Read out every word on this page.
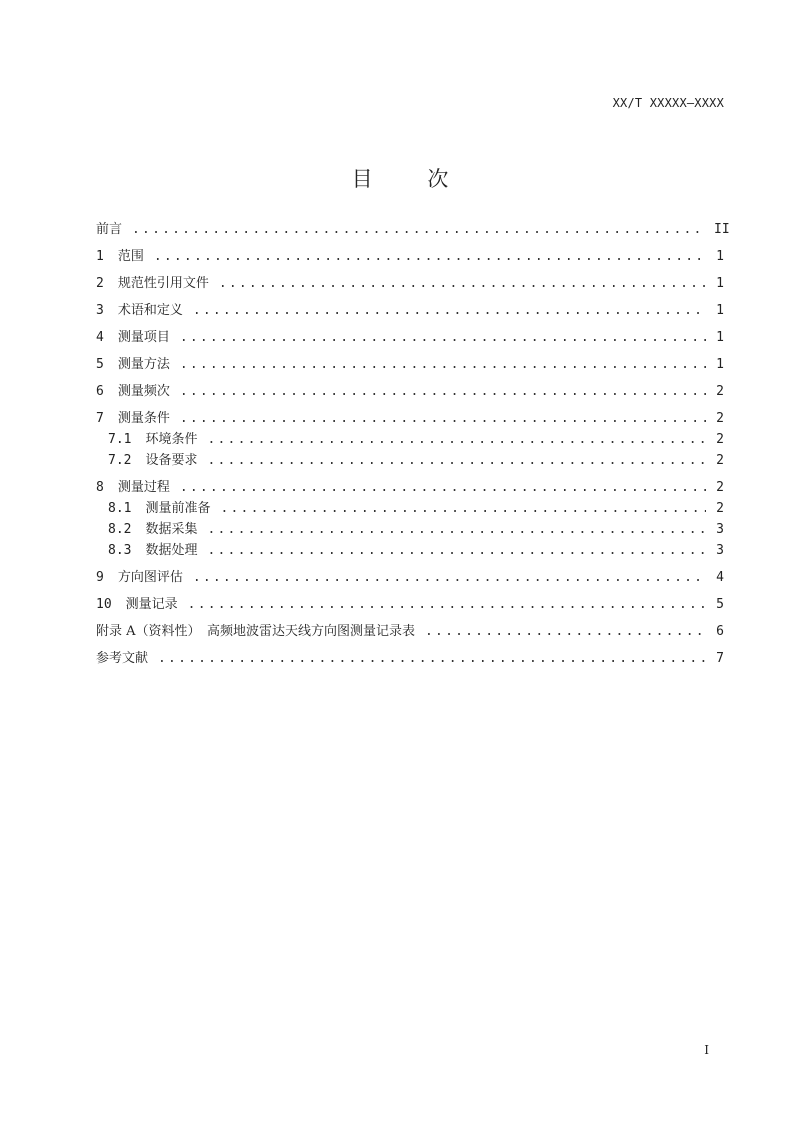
XX/T XXXXX—XXXX
目 次
前言 .....	II
1	范围 .....	1
2	规范性引用文件 .....	1
3	术语和定义 .....	1
4	测量项目 .....	1
5	测量方法 .....	1
6	测量频次 .....	2
7	测量条件 .....	2
7.1	环境条件 .....	2
7.2	设备要求 .....	2
8	测量过程 .....	2
8.1	测量前准备 .....	2
8.2	数据采集 .....	3
8.3	数据处理 .....	3
9	方向图评估 .....	4
10	测量记录 .....	5
附录 A（资料性）　高频地波雷达天线方向图测量记录表 .....	6
参考文献 .....	7
I
